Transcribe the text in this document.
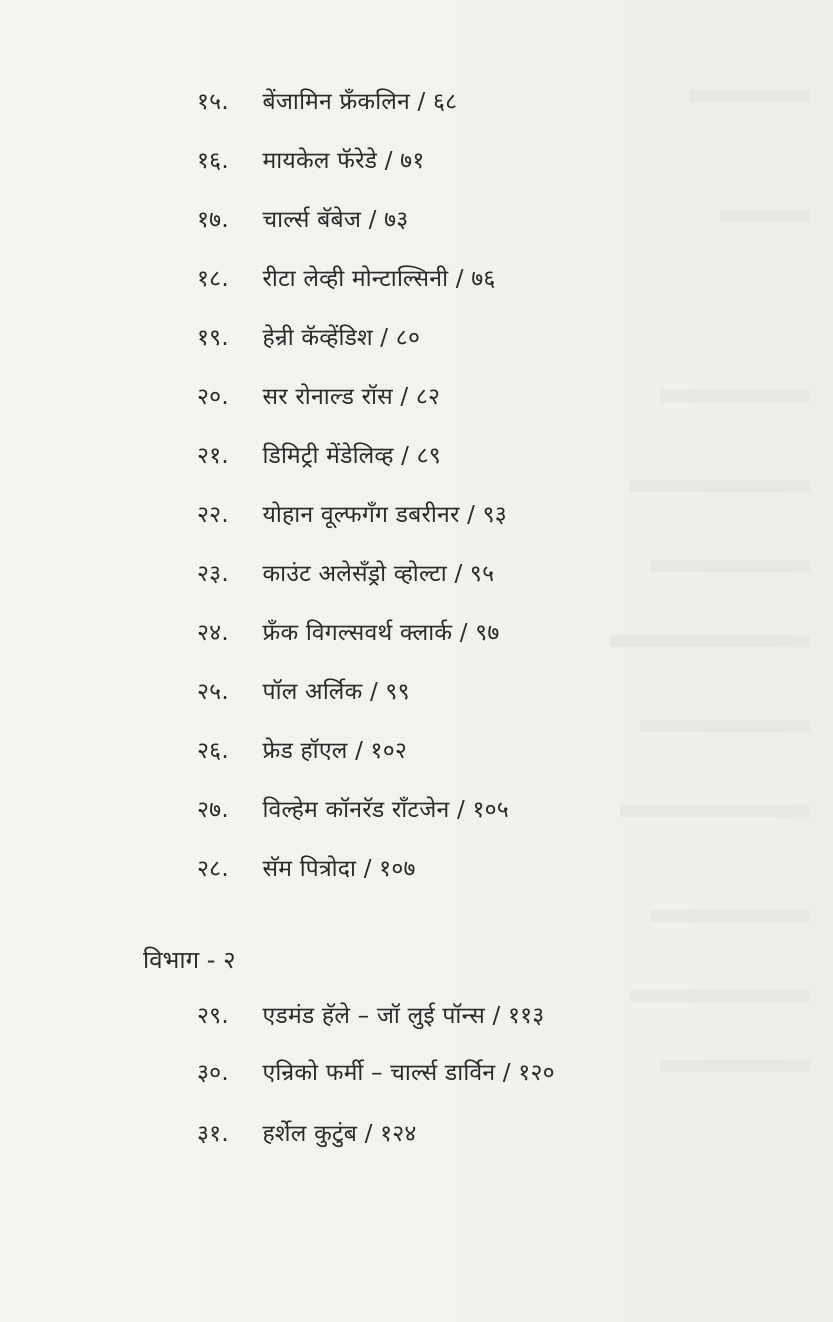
१५. बेंजामिन फ्रॅंकलिन / ६८
१६. मायकेल फॅरेडे / ७१
१७. चार्ल्स बॅबेज / ७३
१८. रीटा लेव्ही मोन्टाल्सिनी / ७६
१९. हेन्री कॅव्हेंडिश / ८०
२०. सर रोनाल्ड रॉस / ८२
२१. डिमिट्री मेंडेलिव्ह / ८९
२२. योहान वूल्फगॅंग डबरीनर / ९३
२३. काउंट अलेसॅंड्रो व्होल्टा / ९५
२४. फ्रॅंक विगल्सवर्थ क्लार्क / ९७
२५. पॉल अर्लिक / ९९
२६. फ्रेड हॉएल / १०२
२७. विल्हेम कॉनरॅड रॉंटजेन / १०५
२८. सॅम पित्रोदा / १०७
विभाग - २
२९. एडमंड हॅले – जॉ लुई पॉन्स / ११३
३०. एन्रिको फर्मी – चार्ल्स डार्विन / १२०
३१. हर्शेल कुटुंब / १२४
